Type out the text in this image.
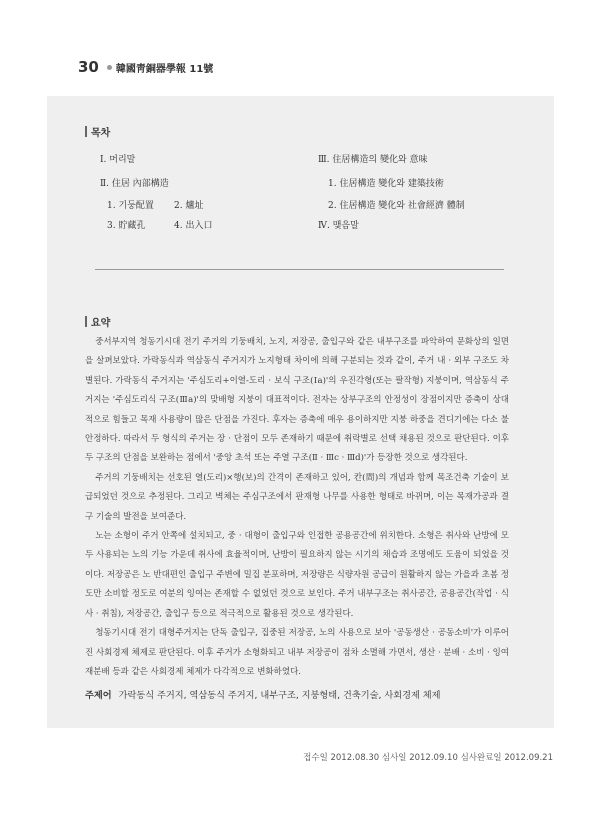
30 韓國靑銅器學報 11號
목차
Ⅰ. 머리말
Ⅱ. 住居 內部構造
1. 기둥配置 2. 爐址
3. 貯藏孔	4. 出入口
Ⅲ. 住居構造의 變化와 意味
1. 住居構造 變化와 建築技術
2. 住居構造 變化와 社會經濟 體制
Ⅳ. 맺음말
요약

중서부지역 청동기시대 전기 주거의 기둥배치, 노지, 저장공, 출입구와 같은 내부구조를 파악하여 문화상의 일면을 살펴보았다. 가락동식과 역삼동식 주거지가 노지형태 차이에 의해 구분되는 것과 같이, 주거 내 · 외부 구조도 차별된다. 가락동식 주거지는 '주심도리+이열-도리 · 보식 구조(Ⅰa)'의 우진각형(또는 팔작형) 지붕이며, 역삼동식 주거지는 '주심도리식 구조(Ⅲa)'의 맞배형 지붕이 대표적이다. 전자는 상부구조의 안정성이 장점이지만 증축이 상대적으로 힘들고 목재 사용량이 많은 단점을 가진다. 후자는 증축에 매우 용이하지만 지붕 하중을 견디기에는 다소 불안정하다. 따라서 두 형식의 주거는 장 · 단점이 모두 존재하기 때문에 취락별로 선택 채용된 것으로 판단된다. 이후 두 구조의 단점을 보완하는 점에서 '중앙 초석 또는 주열 구조(Ⅱ · Ⅲc · Ⅲd)'가 등장한 것으로 생각된다.

주거의 기둥배치는 선호된 열(도리)×행(보)의 간격이 존재하고 있어, 칸(間)의 개념과 함께 목조건축 기술이 보급되었던 것으로 추정된다. 그리고 벽체는 주심구조에서 판재형 나무를 사용한 형태로 바뀌며, 이는 목재가공과 결구 기술의 발전을 보여준다.

노는 소형이 주거 안쪽에 설치되고, 중 · 대형이 출입구와 인접한 공용공간에 위치한다. 소형은 취사와 난방에 모두 사용되는 노의 기능 가운데 취사에 효율적이며, 난방이 필요하지 않는 시기의 채습과 조명에도 도움이 되었을 것이다. 저장공은 노 반대편인 출입구 주변에 밀집 분포하며, 저장량은 식량자원 공급이 원활하지 않는 가을과 초봄 정도만 소비할 정도로 여분의 잉여는 존재할 수 없었던 것으로 보인다. 주거 내부구조는 취사공간, 공용공간(작업 · 식사 · 취침), 저장공간, 출입구 등으로 적극적으로 활용된 것으로 생각된다.

청동기시대 전기 대형주거지는 단독 출입구, 집중된 저장공, 노의 사용으로 보아 '공동생산 · 공동소비'가 이루어진 사회경제 체제로 판단된다. 이후 주거가 소형화되고 내부 저장공이 점차 소멸해 가면서, 생산 · 분배 · 소비 · 잉여 재분배 등과 같은 사회경제 체제가 다각적으로 변화하였다.

주제어 가락동식 주거지, 역삼동식 주거지, 내부구조, 지붕형태, 건축기술, 사회경제 체제
접수일 2012.08.30 심사일 2012.09.10 심사완료일 2012.09.21
